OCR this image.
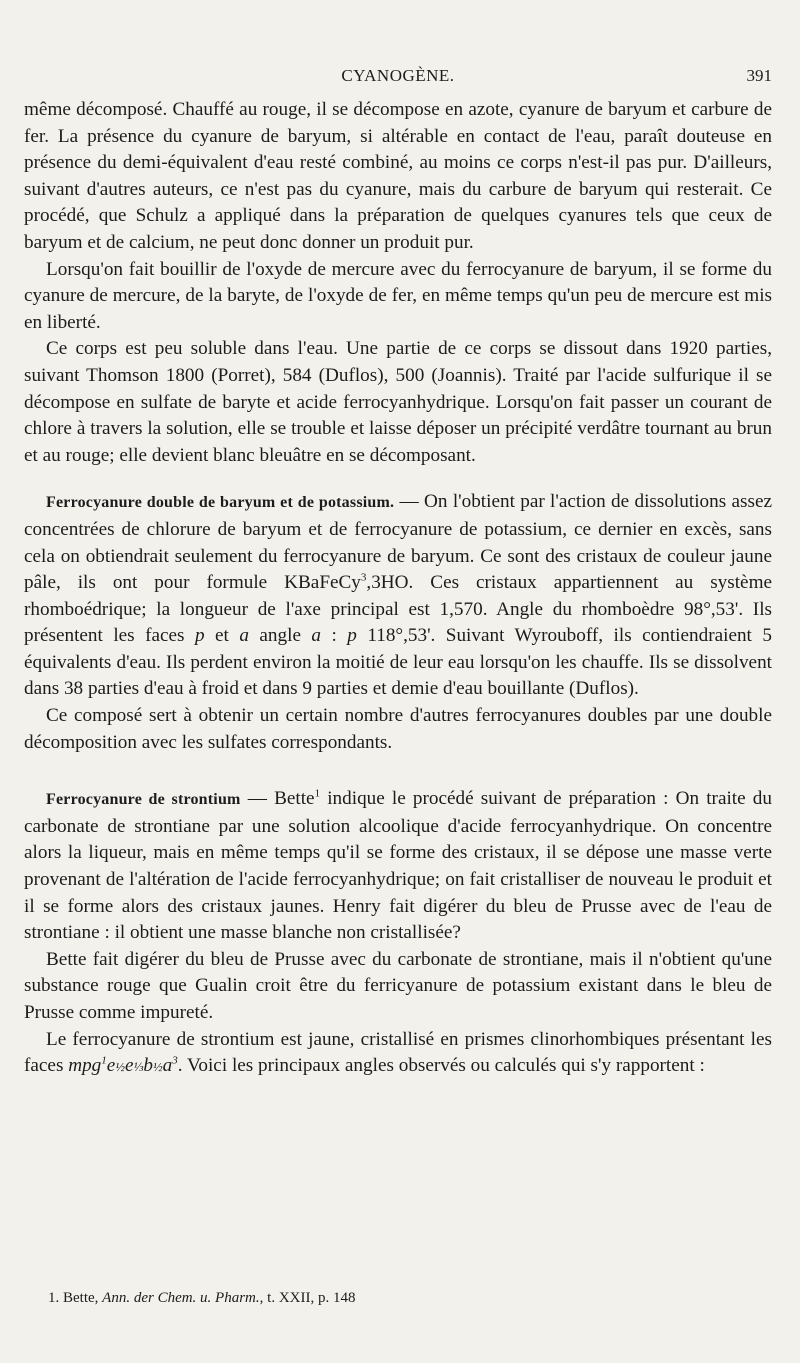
CYANOGÈNE.	391

même décomposé. Chauffé au rouge, il se décompose en azote, cyanure de baryum et carbure de fer. La présence du cyanure de baryum, si altérable en contact de l'eau, paraît douteuse en présence du demi-équivalent d'eau resté combiné, au moins ce corps n'est-il pas pur. D'ailleurs, suivant d'autres auteurs, ce n'est pas du cyanure, mais du carbure de baryum qui resterait. Ce procédé, que Schulz a appliqué dans la préparation de quelques cyanures tels que ceux de baryum et de calcium, ne peut donc donner un produit pur.

Lorsqu'on fait bouillir de l'oxyde de mercure avec du ferrocyanure de baryum, il se forme du cyanure de mercure, de la baryte, de l'oxyde de fer, en même temps qu'un peu de mercure est mis en liberté.

Ce corps est peu soluble dans l'eau. Une partie de ce corps se dissout dans 1920 parties, suivant Thomson 1800 (Porret), 584 (Duflos), 500 (Joannis). Traité par l'acide sulfurique il se décompose en sulfate de baryte et acide ferrocyanhydrique. Lorsqu'on fait passer un courant de chlore à travers la solution, elle se trouble et laisse déposer un précipité verdâtre tournant au brun et au rouge; elle devient blanc bleuâtre en se décomposant.

Ferrocyanure double de baryum et de potassium. — On l'obtient par l'action de dissolutions assez concentrées de chlorure de baryum et de ferrocyanure de potassium, ce dernier en excès, sans cela on obtiendrait seulement du ferrocyanure de baryum. Ce sont des cristaux de couleur jaune pâle, ils ont pour formule KBaFeCy$^3$,3HO. Ces cristaux appartiennent au système rhomboédrique; la longueur de l'axe principal est 1,570. Angle du rhomboèdre 98°,53'. Ils présentent les faces p et a angle a : p 118°,53'. Suivant Wyrouboff, ils contiendraient 5 équivalents d'eau. Ils perdent environ la moitié de leur eau lorsqu'on les chauffe. Ils se dissolvent dans 38 parties d'eau à froid et dans 9 parties et demie d'eau bouillante (Duflos).

Ce composé sert à obtenir un certain nombre d'autres ferrocyanures doubles par une double décomposition avec les sulfates correspondants.

Ferrocyanure de strontium — Bette$^1$ indique le procédé suivant de préparation : On traite du carbonate de strontiane par une solution alcoolique d'acide ferrocyanhydrique. On concentre alors la liqueur, mais en même temps qu'il se forme des cristaux, il se dépose une masse verte provenant de l'altération de l'acide ferrocyanhydrique; on fait cristalliser de nouveau le produit et il se forme alors des cristaux jaunes. Henry fait digérer du bleu de Prusse avec de l'eau de strontiane : il obtient une masse blanche non cristallisée?

Bette fait digérer du bleu de Prusse avec du carbonate de strontiane, mais il n'obtient qu'une substance rouge que Gualin croit être du ferricyanure de potassium existant dans le bleu de Prusse comme impureté.

Le ferrocyanure de strontium est jaune, cristallisé en prismes clinorhombiques présentant les faces $mpg^1e\frac{1}{2}e\frac{1}{3}b\frac{1}{2}a^3$. Voici les principaux angles observés ou calculés qui s'y rapportent :

1. Bette, Ann. der Chem. u. Pharm., t. XXII, p. 148
